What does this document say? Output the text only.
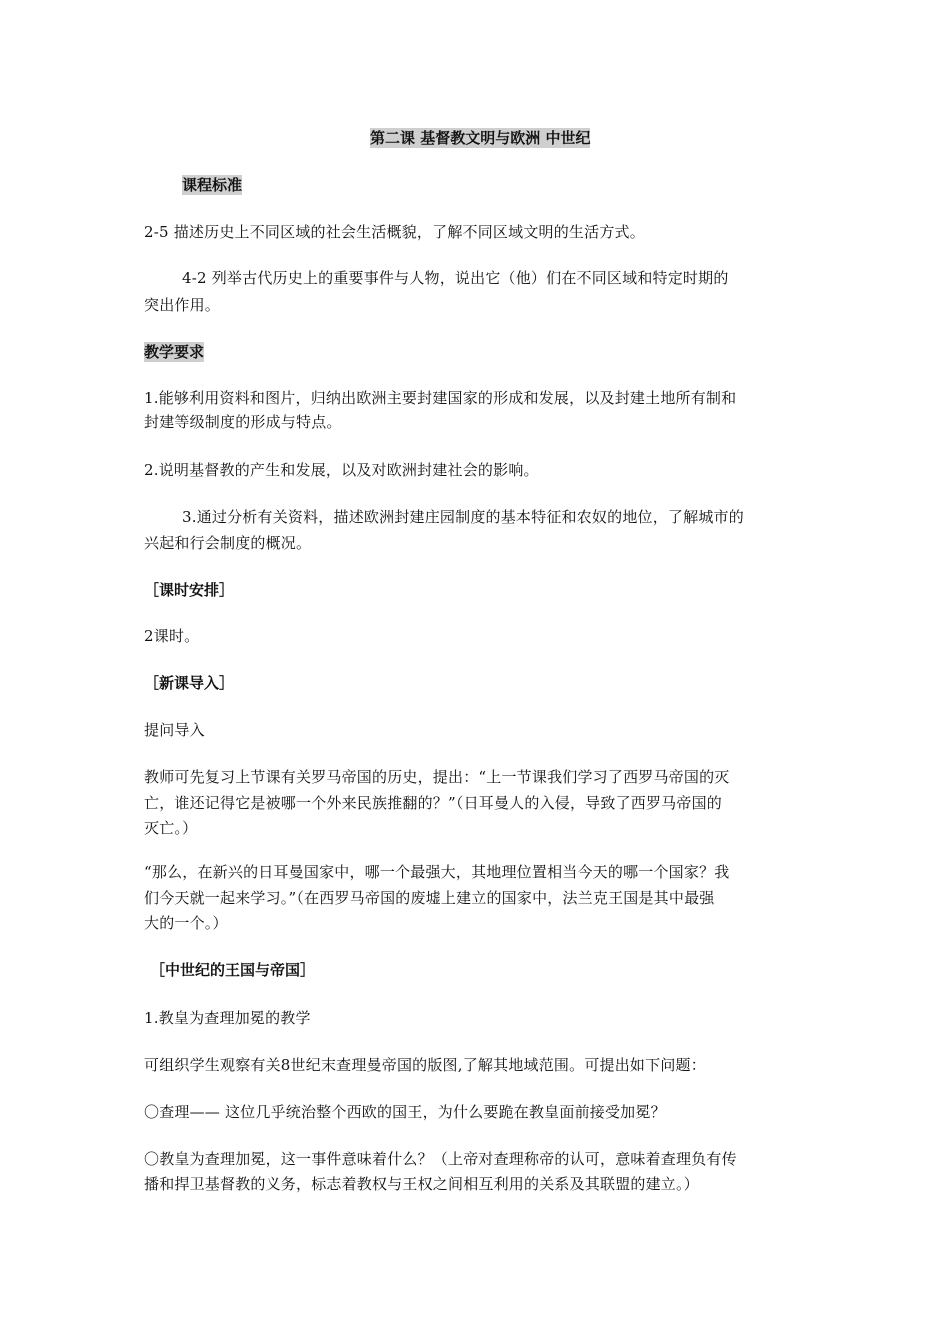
第二课 基督教文明与欧洲 中世纪
课程标准
2-5 描述历史上不同区域的社会生活概貌，了解不同区域文明的生活方式。
4-2 列举古代历史上的重要事件与人物，说出它（他）们在不同区域和特定时期的
突出作用。
教学要求
1.能够利用资料和图片，归纳出欧洲主要封建国家的形成和发展，以及封建土地所有制和
封建等级制度的形成与特点。
2.说明基督教的产生和发展，以及对欧洲封建社会的影响。
3.通过分析有关资料，描述欧洲封建庄园制度的基本特征和农奴的地位，了解城市的
兴起和行会制度的概况。
［课时安排］
2课时。
［新课导入］
提问导入
教师可先复习上节课有关罗马帝国的历史，提出：“上一节课我们学习了西罗马帝国的灭
亡，谁还记得它是被哪一个外来民族推翻的？”（日耳曼人的入侵，导致了西罗马帝国的
灭亡。）
“那么，在新兴的日耳曼国家中，哪一个最强大，其地理位置相当今天的哪一个国家？我
们今天就一起来学习。”（在西罗马帝国的废墟上建立的国家中，法兰克王国是其中最强
大的一个。）
［中世纪的王国与帝国］
1.教皇为查理加冕的教学
可组织学生观察有关8世纪末查理曼帝国的版图,了解其地域范围。可提出如下问题：
〇查理—— 这位几乎统治整个西欧的国王，为什么要跪在教皇面前接受加冕？
〇教皇为查理加冕，这一事件意味着什么？（上帝对查理称帝的认可，意味着查理负有传
播和捍卫基督教的义务，标志着教权与王权之间相互利用的关系及其联盟的建立。）
